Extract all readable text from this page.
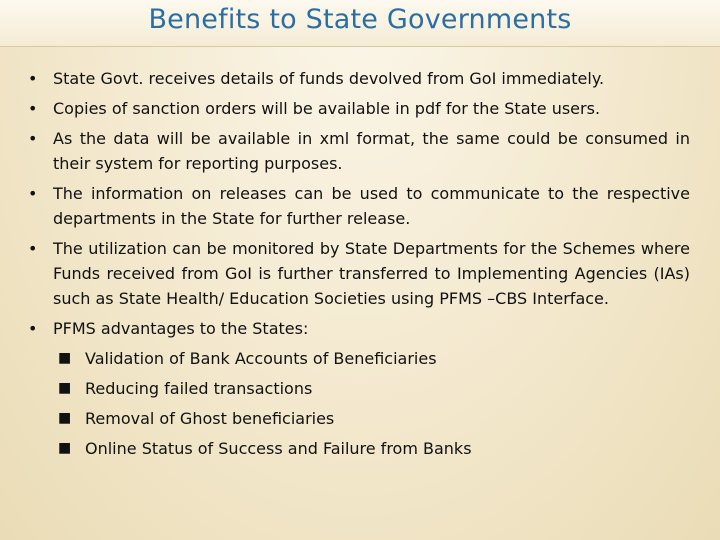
Benefits to State Governments
• State Govt. receives details of funds devolved from GoI immediately.
• Copies of sanction orders will be available in pdf for the State users.
• As the data will be available in xml format, the same could be consumed in their system for reporting purposes.
• The information on releases can be used to communicate to the respective departments in the State for further release.
• The utilization can be monitored by State Departments for the Schemes where Funds received from GoI is further transferred to Implementing Agencies (IAs) such as State Health/ Education Societies using PFMS –CBS Interface.
• PFMS advantages to the States:
■ Validation of Bank Accounts of Beneficiaries
■ Reducing failed transactions
■ Removal of Ghost beneficiaries
■ Online Status of Success and Failure from Banks
